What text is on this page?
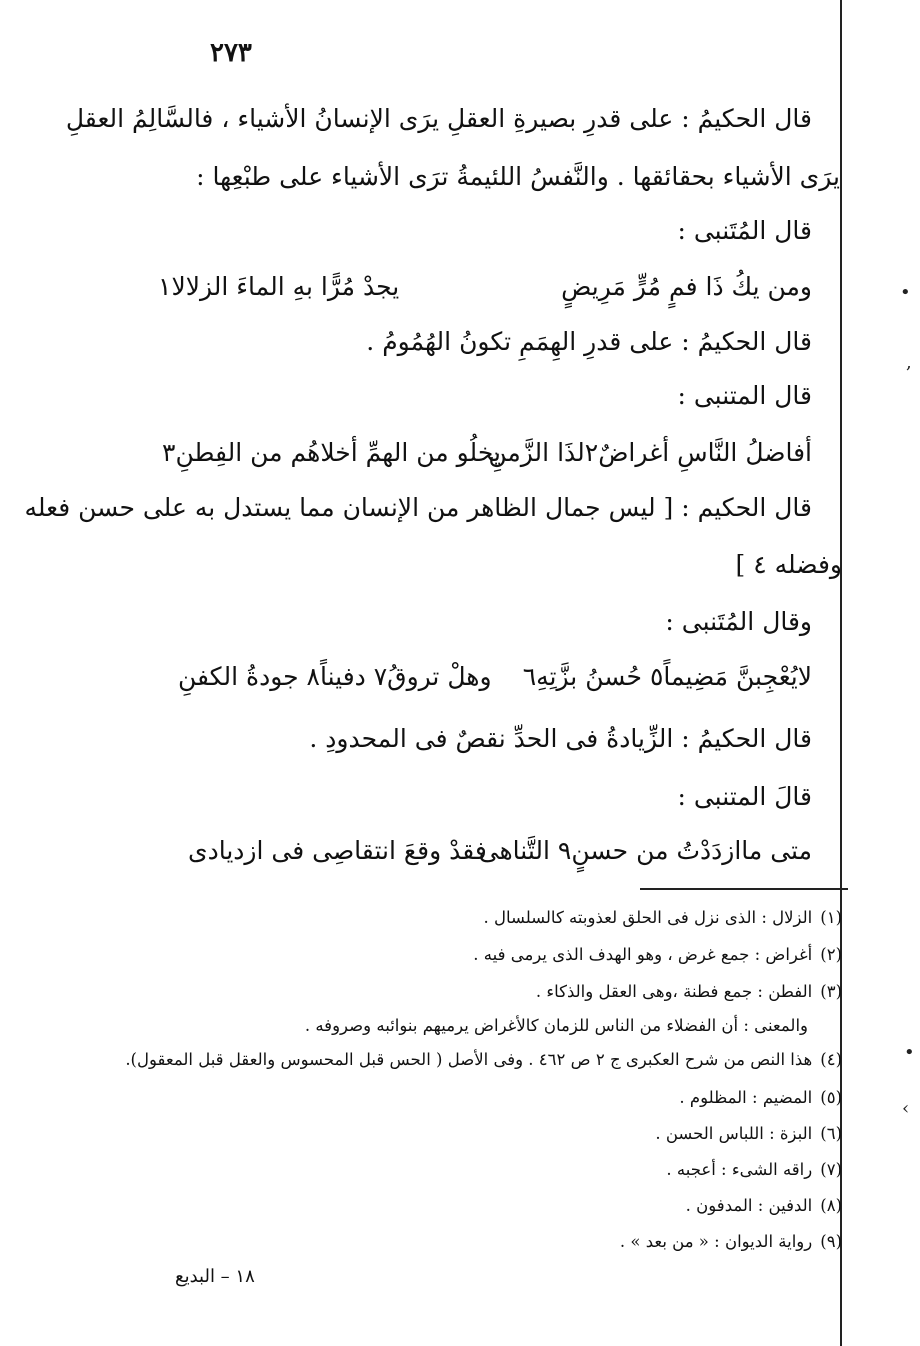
•
,
•
‹
٢٧٣
قال الحكيمُ : على قدرِ بصيرةِ العقلِ يرَى الإنسانُ الأشياء ، فالسَّالِمُ العقلِ
يرَى الأشياء بحقائقها . والنَّفسُ اللئيمةُ ترَى الأشياء على طبْعِها :
قال المُتَنبى :
ومن يكُ ذَا فمٍ مُرٍّ مَرِيضٍ
يجدْ مُرًّا بهِ الماءَ الزلالا١
قال الحكيمُ : على قدرِ الهِمَمِ تكونُ الهُمُومُ .
قال المتنبى :
أفاضلُ النَّاسِ أغراضٌ٢لذَا الزَّمنِ
يخلُو من الهمِّ أخلاهُم من الفِطنِ٣
قال الحكيم : [ ليس جمال الظاهر من الإنسان مما يستدل به على حسن فعله
وفضله ٤ ]
وقال المُتَنبى :
لايُعْجِبنَّ مَضِيماً٥ حُسنُ بزَّتِهِ٦
وهلْ تروقُ٧ دفيناً٨ جودةُ الكفنِ
قال الحكيمُ : الزِّيادةُ فى الحدِّ نقصٌ فى المحدودِ .
قالَ المتنبى :
متى ماازدَدْتُ من حسنٍ٩ التَّناهى
فقدْ وقعَ انتقاصِى فى ازديادى
(١)الزلال : الذى نزل فى الحلق لعذوبته كالسلسال .
(٢)أغراض : جمع غرض ، وهو الهدف الذى يرمى فيه .
(٣)الفطن : جمع فطنة ،وهى العقل والذكاء .
والمعنى : أن الفضلاء من الناس للزمان كالأغراض يرميهم بنوائبه وصروفه .
(٤)هذا النص من شرح العكبرى ج ٢ ص ٤٦٢ . وفى الأصل ( الحس قبل المحسوس والعقل قبل المعقول).
(٥)المضيم : المظلوم .
(٦)البزة : اللباس الحسن .
(٧)راقه الشىء : أعجبه .
(٨)الدفين : المدفون .
(٩)رواية الديوان : « من بعد » .
١٨ – البديع
